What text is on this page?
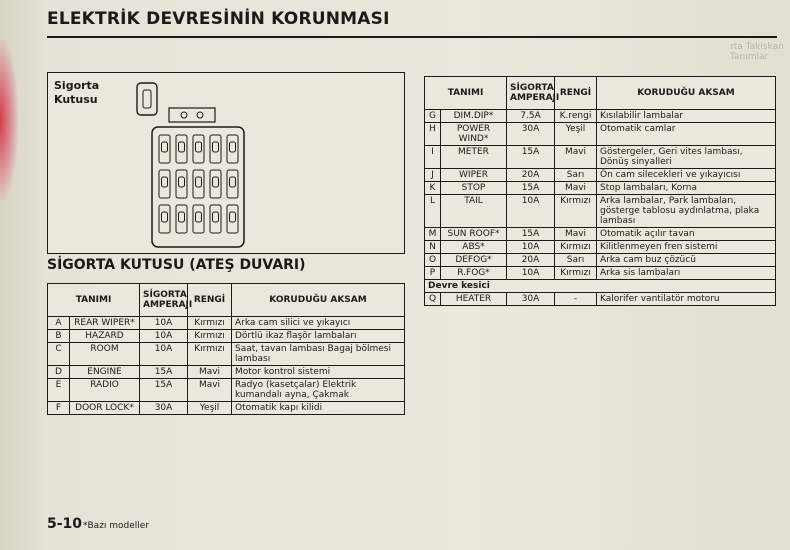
ELEKTRİK DEVRESİNİN KORUNMASI
rta Takiskan Tanımlar
Sigorta
Kutusu
SİGORTA KUTUSU (ATEŞ DUVARI)
TANIMI		SİGORTA
AMPERAJI	RENGİ	KORUDUĞU AKSAM
A	REAR WIPER*	10A	Kırmızı	Arka cam silici ve yıkayıcı
B	HAZARD	10A	Kırmızı	Dörtlü ikaz flaşör lambaları
C	ROOM	10A	Kırmızı	Saat, tavan lambası Bagaj bölmesi lambası
D	ENGINE	15A	Mavi	Motor kontrol sistemi
E	RADIO	15A	Mavi	Radyo (kasetçalar) Elektrik kumandalı ayna, Çakmak
F	DOOR LOCK*	30A	Yeşil	Otomatik kapı kilidi
TANIMI		SİGORTA
AMPERAJI	RENGİ	KORUDUĞU AKSAM
G	DIM.DIP*	7.5A	K.rengi	Kısılabilir lambalar
H	POWER WIND*	30A	Yeşil	Otomatik camlar
I	METER	15A	Mavi	Göstergeler, Geri vites lambası, Dönüş sinyalleri
J	WIPER	20A	Sarı	Ön cam silecekleri ve yıkayıcısı
K	STOP	15A	Mavi	Stop lambaları, Korna
L	TAIL	10A	Kırmızı	Arka lambalar, Park lambaları, gösterge tablosu aydınlatma, plaka lambası
M	SUN ROOF*	15A	Mavi	Otomatik açılır tavan
N	ABS*	10A	Kırmızı	Kilitlenmeyen fren sistemi
O	DEFOG*	20A	Sarı	Arka cam buz çözücü
P	R.FOG*	10A	Kırmızı	Arka sis lambaları
Devre kesici				
Q	HEATER	30A	-	Kalorifer vantilatör motoru
5-10 *Bazı modeller
